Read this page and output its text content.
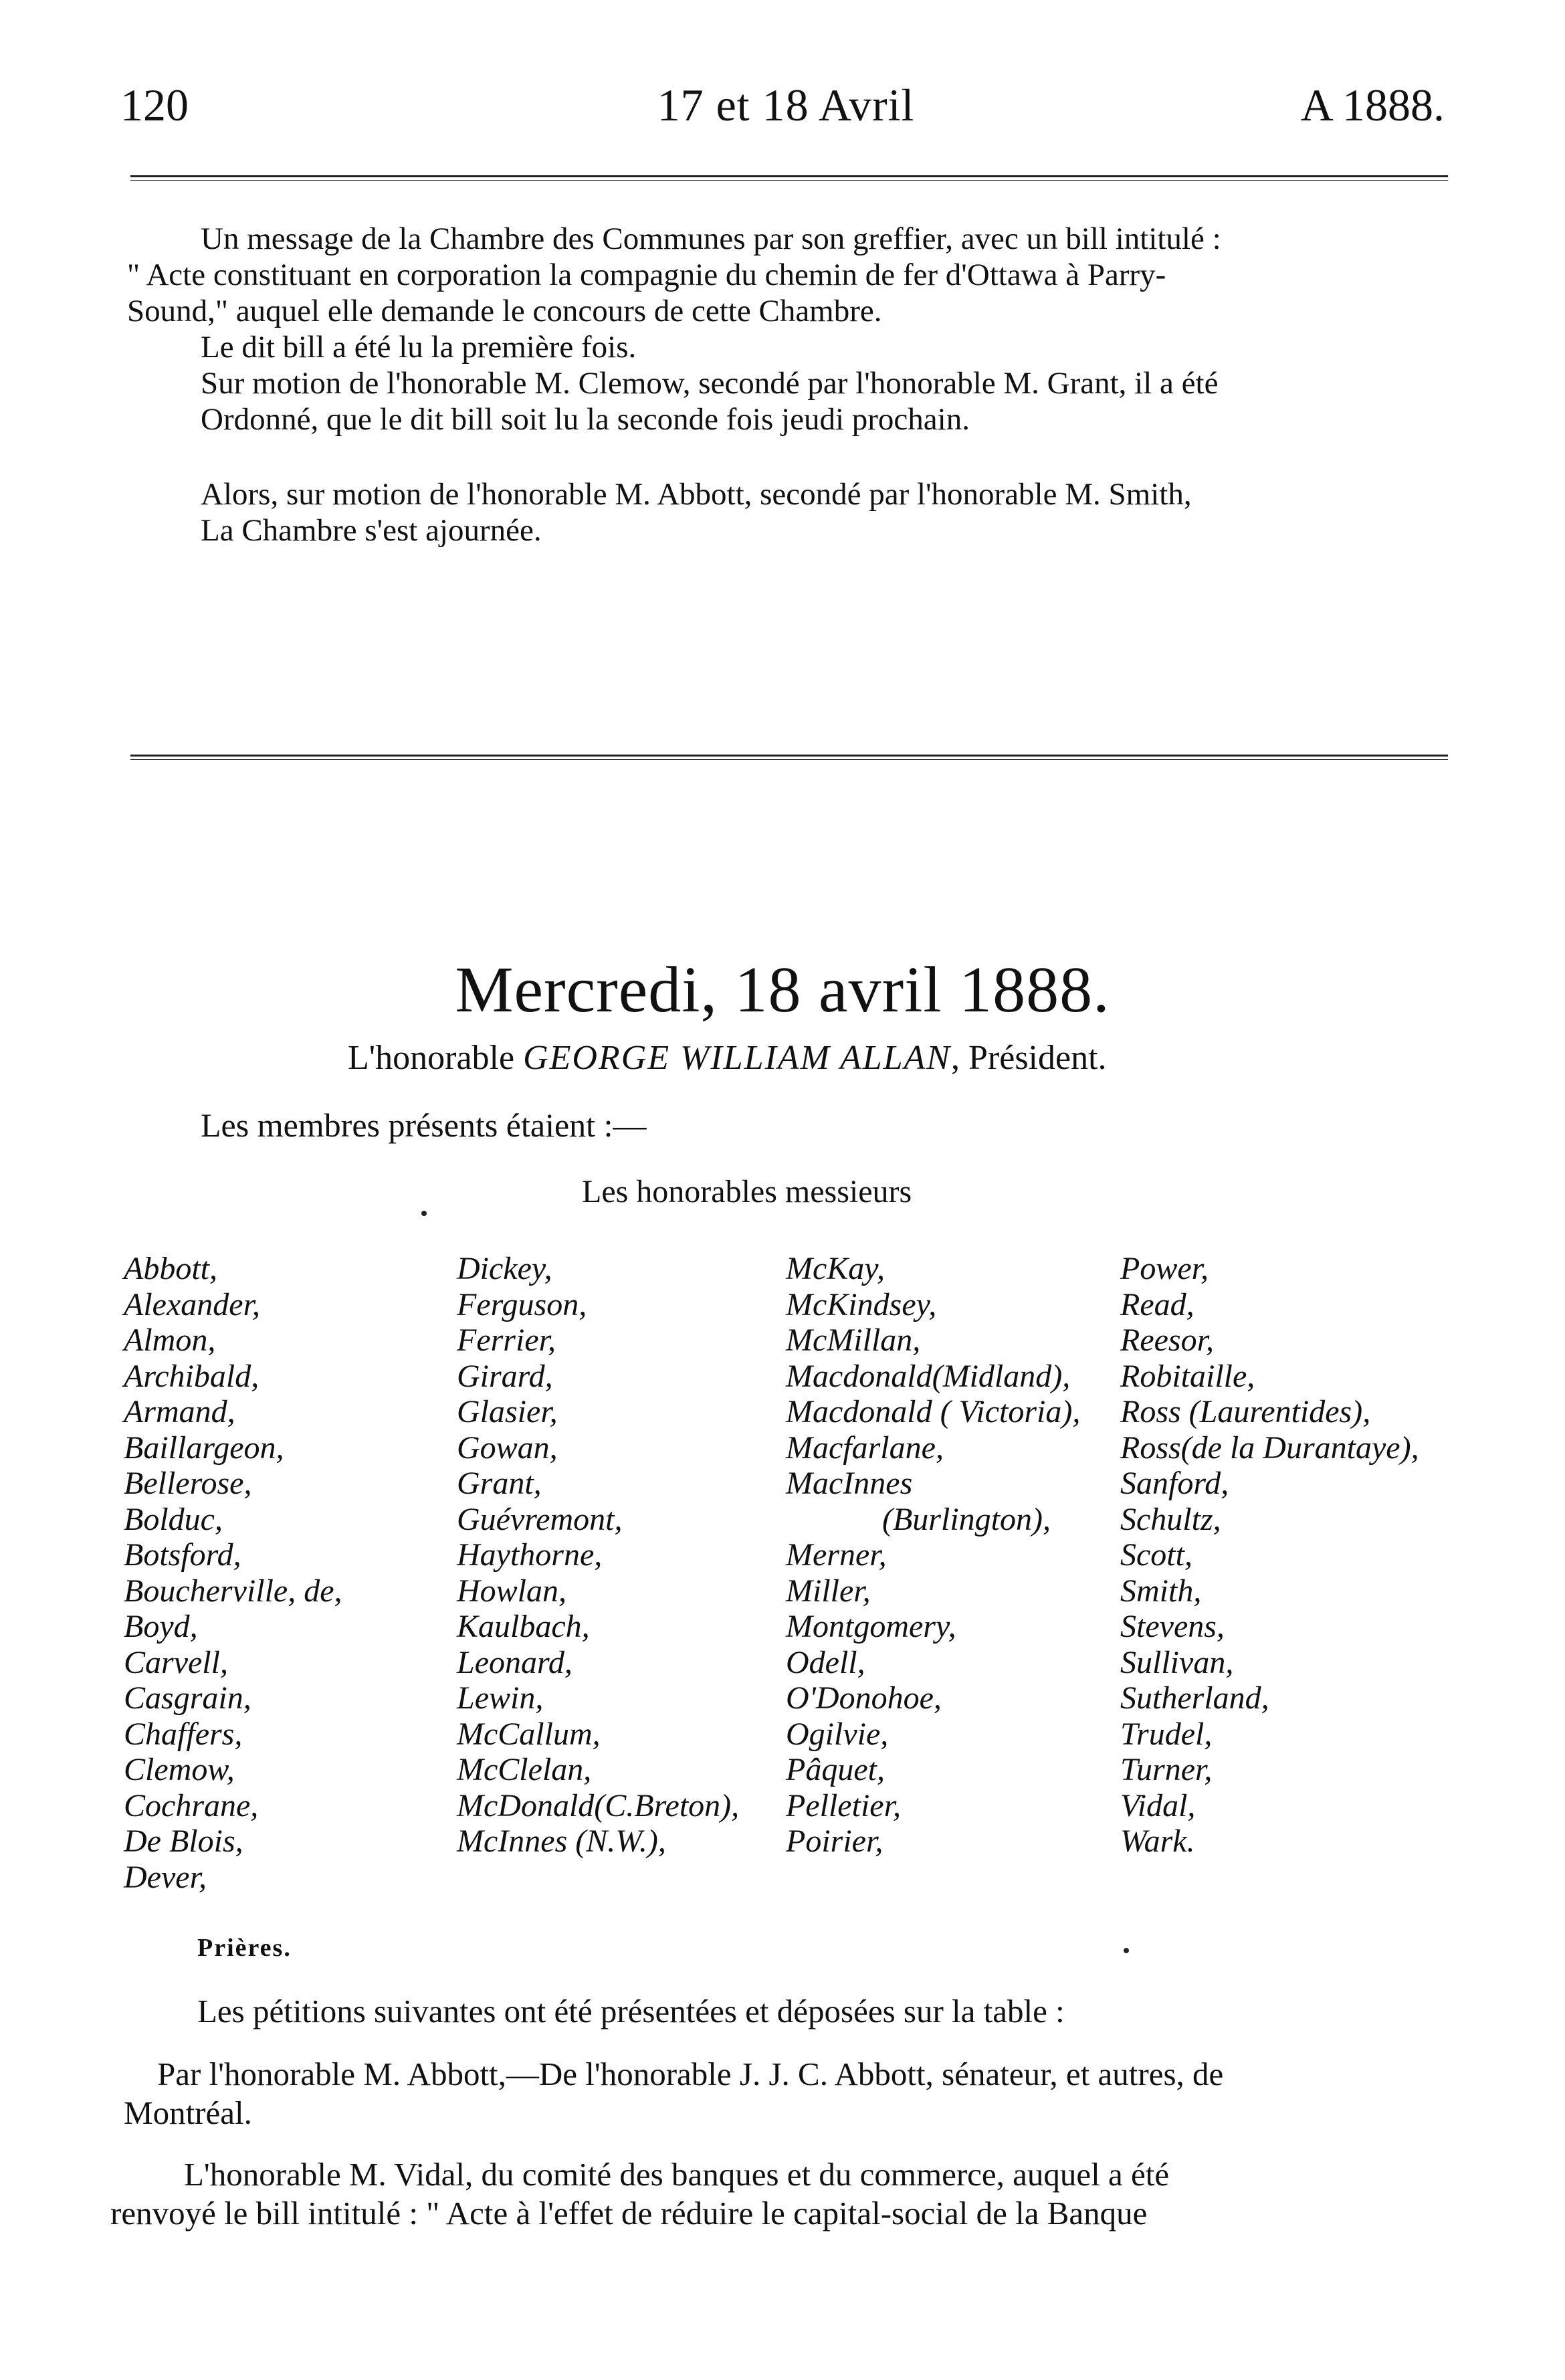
120	17 et 18 Avril	A 1888.
Un message de la Chambre des Communes par son greffier, avec un bill intitulé :
" Acte constituant en corporation la compagnie du chemin de fer d'Ottawa à Parry-
Sound," auquel elle demande le concours de cette Chambre.
Le dit bill a été lu la première fois.
Sur motion de l'honorable M. Clemow, secondé par l'honorable M. Grant, il a été
Ordonné, que le dit bill soit lu la seconde fois jeudi prochain.
Alors, sur motion de l'honorable M. Abbott, secondé par l'honorable M. Smith,
La Chambre s'est ajournée.
Mercredi, 18 avril 1888.
L'honorable GEORGE WILLIAM ALLAN, Président.
Les membres présents étaient :—
Les honorables messieurs
Abbott,
Alexander,
Almon,
Archibald,
Armand,
Baillargeon,
Bellerose,
Bolduc,
Botsford,
Boucherville, de,
Boyd,
Carvell,
Casgrain,
Chaffers,
Clemow,
Cochrane,
De Blois,
Dever,
Dickey,
Ferguson,
Ferrier,
Girard,
Glasier,
Gowan,
Grant,
Guévremont,
Haythorne,
Howlan,
Kaulbach,
Leonard,
Lewin,
McCallum,
McClelan,
McDonald(C.Breton),
McInnes (N.W.),
McKay,
McKindsey,
McMillan,
Macdonald(Midland),
Macdonald ( Victoria),
Macfarlane,
MacInnes
(Burlington),
Merner,
Miller,
Montgomery,
Odell,
O'Donohoe,
Ogilvie,
Pâquet,
Pelletier,
Poirier,
Power,
Read,
Reesor,
Robitaille,
Ross (Laurentides),
Ross(de la Durantaye),
Sanford,
Schultz,
Scott,
Smith,
Stevens,
Sullivan,
Sutherland,
Trudel,
Turner,
Vidal,
Wark.
Prières.
Les pétitions suivantes ont été présentées et déposées sur la table :
Par l'honorable M. Abbott,—De l'honorable J. J. C. Abbott, sénateur, et autres, de
Montréal.
L'honorable M. Vidal, du comité des banques et du commerce, auquel a été
renvoyé le bill intitulé : " Acte à l'effet de réduire le capital-social de la Banque
